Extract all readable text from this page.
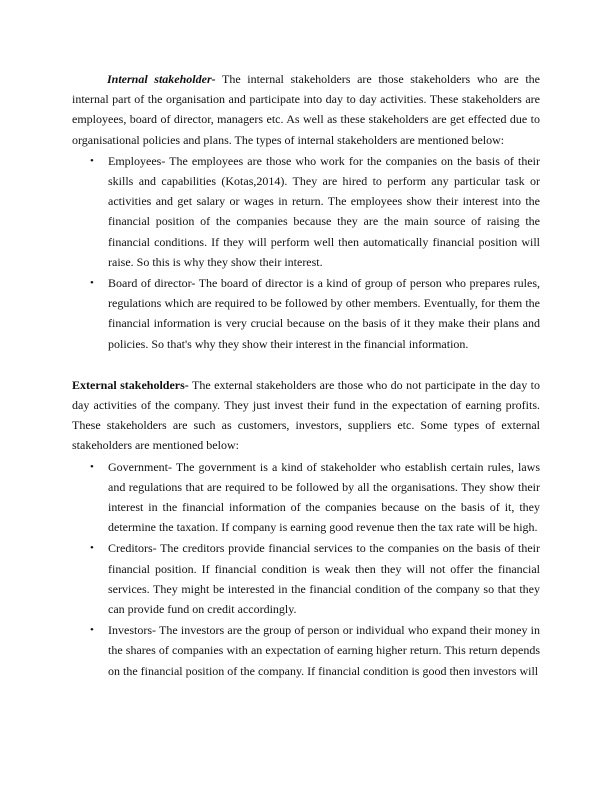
Internal stakeholder- The internal stakeholders are those stakeholders who are the internal part of the organisation and participate into day to day activities. These stakeholders are employees, board of director, managers etc. As well as these stakeholders are get effected due to organisational policies and plans. The types of internal stakeholders are mentioned below:

• Employees- The employees are those who work for the companies on the basis of their skills and capabilities (Kotas,2014). They are hired to perform any particular task or activities and get salary or wages in return. The employees show their interest into the financial position of the companies because they are the main source of raising the financial conditions. If they will perform well then automatically financial position will raise. So this is why they show their interest.
• Board of director- The board of director is a kind of group of person who prepares rules, regulations which are required to be followed by other members. Eventually, for them the financial information is very crucial because on the basis of it they make their plans and policies. So that's why they show their interest in the financial information.

External stakeholders- The external stakeholders are those who do not participate in the day to day activities of the company. They just invest their fund in the expectation of earning profits. These stakeholders are such as customers, investors, suppliers etc. Some types of external stakeholders are mentioned below:

• Government- The government is a kind of stakeholder who establish certain rules, laws and regulations that are required to be followed by all the organisations. They show their interest in the financial information of the companies because on the basis of it, they determine the taxation. If company is earning good revenue then the tax rate will be high.
• Creditors- The creditors provide financial services to the companies on the basis of their financial position. If financial condition is weak then they will not offer the financial services. They might be interested in the financial condition of the company so that they can provide fund on credit accordingly.
• Investors- The investors are the group of person or individual who expand their money in the shares of companies with an expectation of earning higher return. This return depends on the financial position of the company. If financial condition is good then investors will
